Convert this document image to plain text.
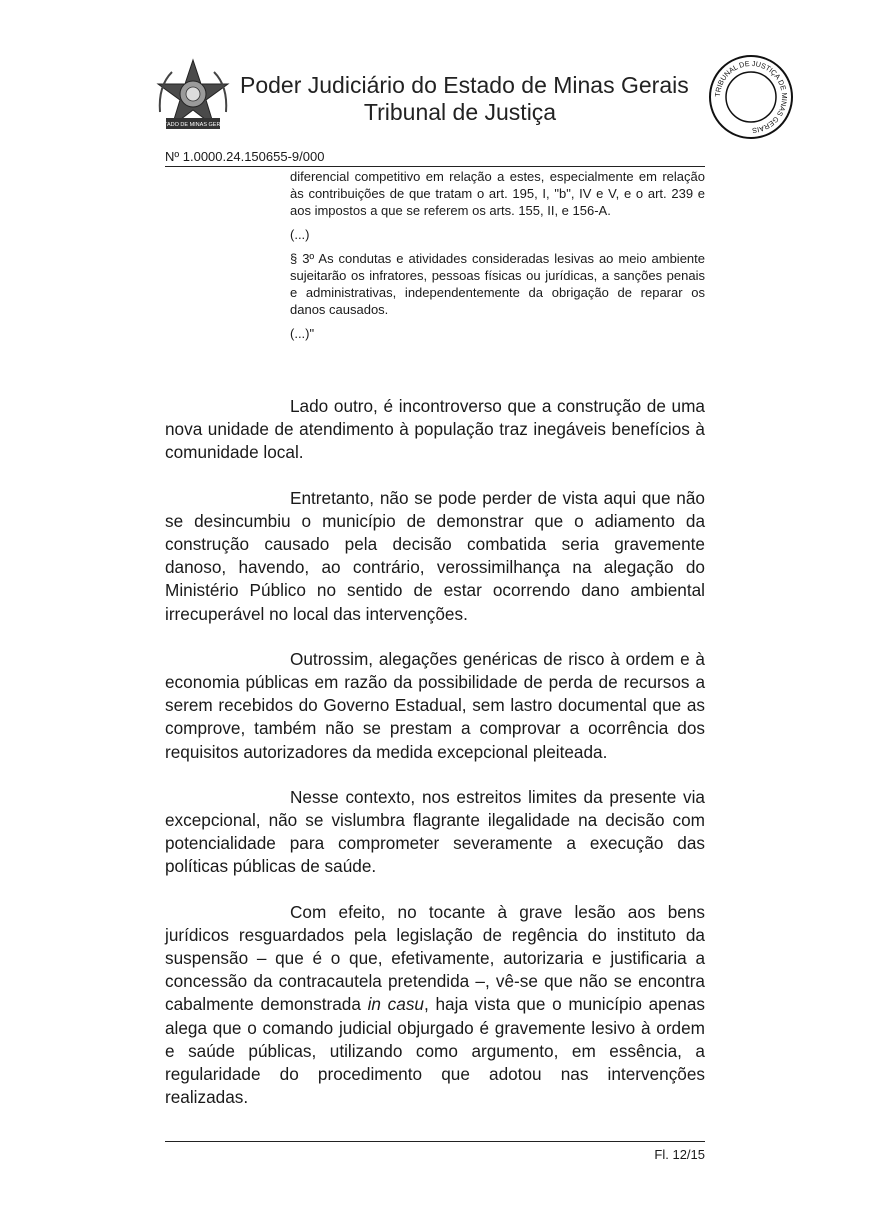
ESTADO DE MINAS GERAIS
Poder Judiciário do Estado de Minas Gerais
Tribunal de Justiça
TRIBUNAL DE JUSTIÇA DE MINAS GERAIS
Nº 1.0000.24.150655-9/000

diferencial competitivo em relação a estes, especialmente em relação às contribuições de que tratam o art. 195, I, "b", IV e V, e o art. 239 e aos impostos a que se referem os arts. 155, II, e 156-A.

(...)

§ 3º As condutas e atividades consideradas lesivas ao meio ambiente sujeitarão os infratores, pessoas físicas ou jurídicas, a sanções penais e administrativas, independentemente da obrigação de reparar os danos causados.

(...)"

Lado outro, é incontroverso que a construção de uma nova unidade de atendimento à população traz inegáveis benefícios à comunidade local.

Entretanto, não se pode perder de vista aqui que não se desincumbiu o município de demonstrar que o adiamento da construção causado pela decisão combatida seria gravemente danoso, havendo, ao contrário, verossimilhança na alegação do Ministério Público no sentido de estar ocorrendo dano ambiental irrecuperável no local das intervenções.

Outrossim, alegações genéricas de risco à ordem e à economia públicas em razão da possibilidade de perda de recursos a serem recebidos do Governo Estadual, sem lastro documental que as comprove, também não se prestam a comprovar a ocorrência dos requisitos autorizadores da medida excepcional pleiteada.

Nesse contexto, nos estreitos limites da presente via excepcional, não se vislumbra flagrante ilegalidade na decisão com potencialidade para comprometer severamente a execução das políticas públicas de saúde.

Com efeito, no tocante à grave lesão aos bens jurídicos resguardados pela legislação de regência do instituto da suspensão – que é o que, efetivamente, autorizaria e justificaria a concessão da contracautela pretendida –, vê-se que não se encontra cabalmente demonstrada in casu, haja vista que o município apenas alega que o comando judicial objurgado é gravemente lesivo à ordem e saúde públicas, utilizando como argumento, em essência, a regularidade do procedimento que adotou nas intervenções realizadas.

Fl. 12/15
